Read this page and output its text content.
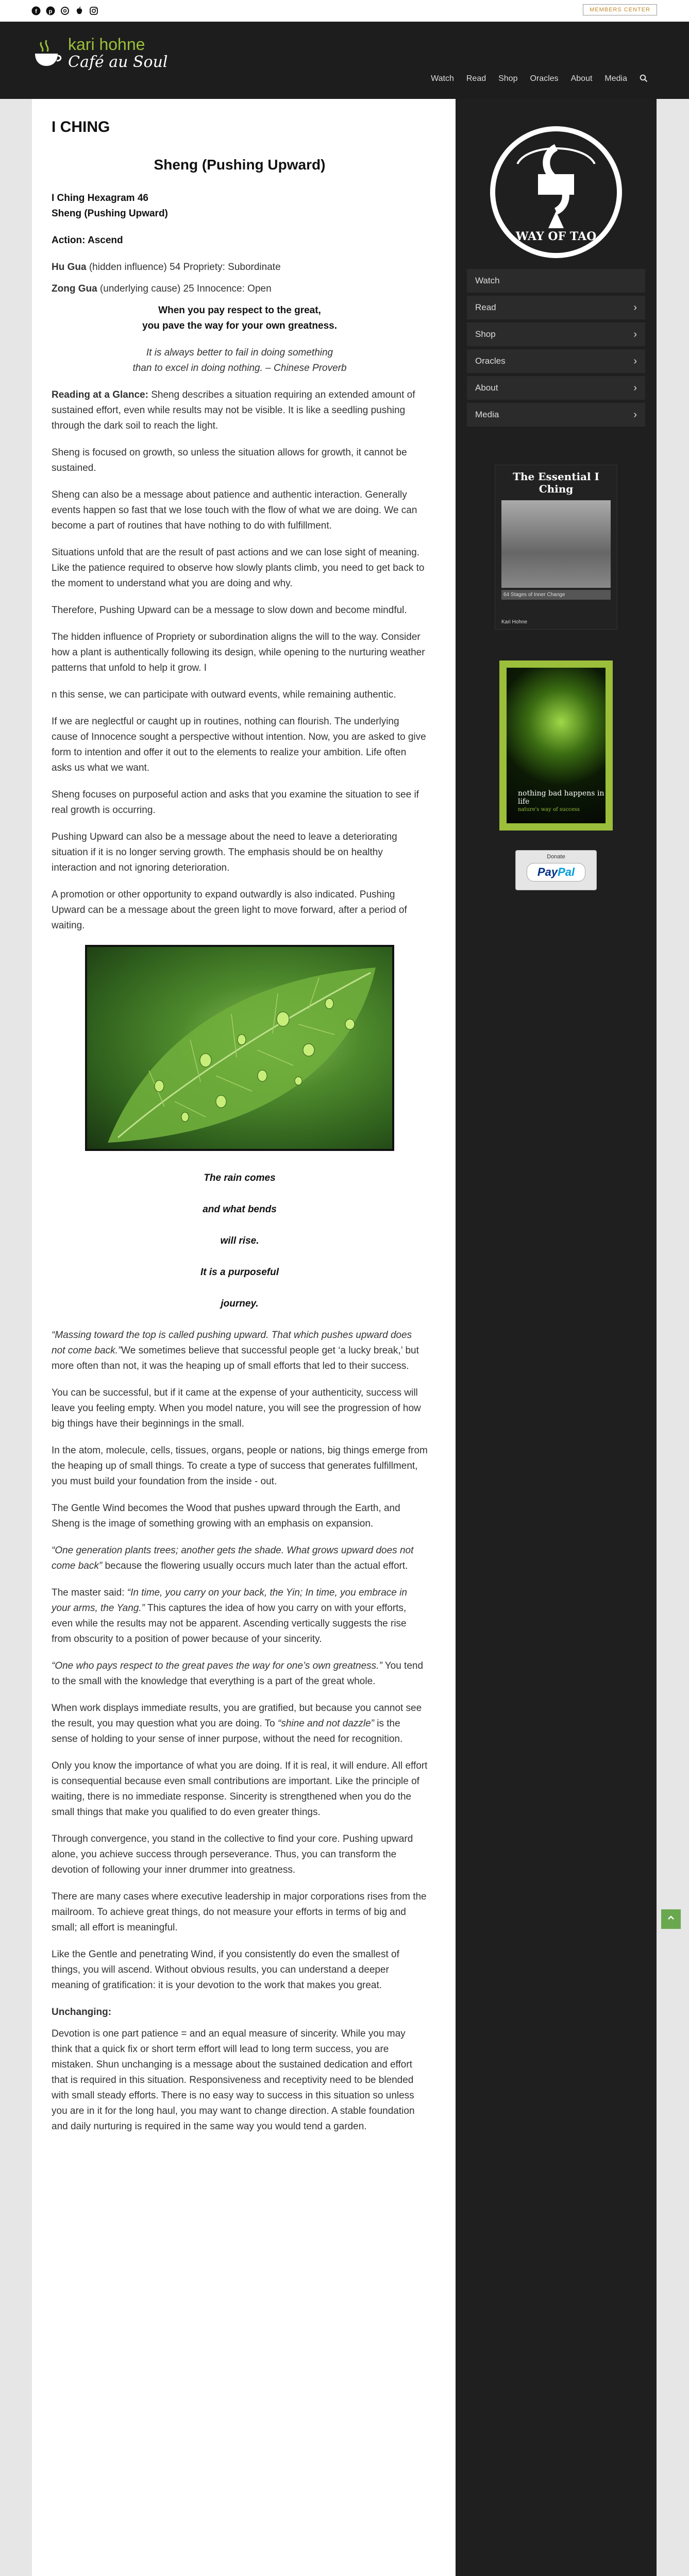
f p	MEMBERS CENTER
kari hohne
Café au Soul
Watch Read Shop Oracles About Media
I CHING
Sheng (Pushing Upward)
I Ching Hexagram 46
Sheng (Pushing Upward)
Action: Ascend

Hu Gua (hidden influence) 54 Propriety: Subordinate

Zong Gua (underlying cause) 25 Innocence: Open

When you pay respect to the great,
you pave the way for your own greatness.
It is always better to fail in doing something
than to excel in doing nothing. – Chinese Proverb

Reading at a Glance: Sheng describes a situation requiring an extended amount of sustained effort, even while results may not be visible. It is like a seedling pushing through the dark soil to reach the light.

Sheng is focused on growth, so unless the situation allows for growth, it cannot be sustained.

Sheng can also be a message about patience and authentic interaction. Generally events happen so fast that we lose touch with the flow of what we are doing. We can become a part of routines that have nothing to do with fulfillment.

Situations unfold that are the result of past actions and we can lose sight of meaning. Like the patience required to observe how slowly plants climb, you need to get back to the moment to understand what you are doing and why.

Therefore, Pushing Upward can be a message to slow down and become mindful.

The hidden influence of Propriety or subordination aligns the will to the way. Consider how a plant is authentically following its design, while opening to the nurturing weather patterns that unfold to help it grow. I

n this sense, we can participate with outward events, while remaining authentic.

If we are neglectful or caught up in routines, nothing can flourish. The underlying cause of Innocence sought a perspective without intention. Now, you are asked to give form to intention and offer it out to the elements to realize your ambition. Life often asks us what we want.

Sheng focuses on purposeful action and asks that you examine the situation to see if real growth is occurring.

Pushing Upward can also be a message about the need to leave a deteriorating situation if it is no longer serving growth. The emphasis should be on healthy interaction and not ignoring deterioration.

A promotion or other opportunity to expand outwardly is also indicated. Pushing Upward can be a message about the green light to move forward, after a period of waiting.

The rain comes

and what bends

will rise.

It is a purposeful

journey.

“Massing toward the top is called pushing upward. That which pushes upward does not come back.”We sometimes believe that successful people get ‘a lucky break,’ but more often than not, it was the heaping up of small efforts that led to their success.

You can be successful, but if it came at the expense of your authenticity, success will leave you feeling empty. When you model nature, you will see the progression of how big things have their beginnings in the small.

In the atom, molecule, cells, tissues, organs, people or nations, big things emerge from the heaping up of small things. To create a type of success that generates fulfillment, you must build your foundation from the inside - out.

The Gentle Wind becomes the Wood that pushes upward through the Earth, and Sheng is the image of something growing with an emphasis on expansion.

“One generation plants trees; another gets the shade. What grows upward does not come back” because the flowering usually occurs much later than the actual effort.

The master said: “In time, you carry on your back, the Yin; In time, you embrace in your arms, the Yang.” This captures the idea of how you carry on with your efforts, even while the results may not be apparent. Ascending vertically suggests the rise from obscurity to a position of power because of your sincerity.

“One who pays respect to the great paves the way for one’s own greatness.” You tend to the small with the knowledge that everything is a part of the great whole.

When work displays immediate results, you are gratified, but because you cannot see the result, you may question what you are doing. To “shine and not dazzle” is the sense of holding to your sense of inner purpose, without the need for recognition.

Only you know the importance of what you are doing. If it is real, it will endure. All effort is consequential because even small contributions are important. Like the principle of waiting, there is no immediate response. Sincerity is strengthened when you do the small things that make you qualified to do even greater things.

Through convergence, you stand in the collective to find your core. Pushing upward alone, you achieve success through perseverance. Thus, you can transform the devotion of following your inner drummer into greatness.

There are many cases where executive leadership in major corporations rises from the mailroom. To achieve great things, do not measure your efforts in terms of big and small; all effort is meaningful.

Like the Gentle and penetrating Wind, if you consistently do even the smallest of things, you will ascend. Without obvious results, you can understand a deeper meaning of gratification: it is your devotion to the work that makes you great.

Unchanging:

Devotion is one part patience = and an equal measure of sincerity. While you may think that a quick fix or short term effort will lead to long term success, you are mistaken. Shun unchanging is a message about the sustained dedication and effort that is required in this situation. Responsiveness and receptivity need to be blended with small steady efforts. There is no easy way to success in this situation so unless you are in it for the long haul, you may want to change direction. A stable foundation and daily nurturing is required in the same way you would tend a garden.

WAY OF TAO
Watch
Read	›
Shop	›
Oracles	›
About	›
Media	›
The Essential I Ching
64 Stages of Inner Change
Kari Hohne
nothing bad happens in life
nature's way of success
Donate
PayPal
